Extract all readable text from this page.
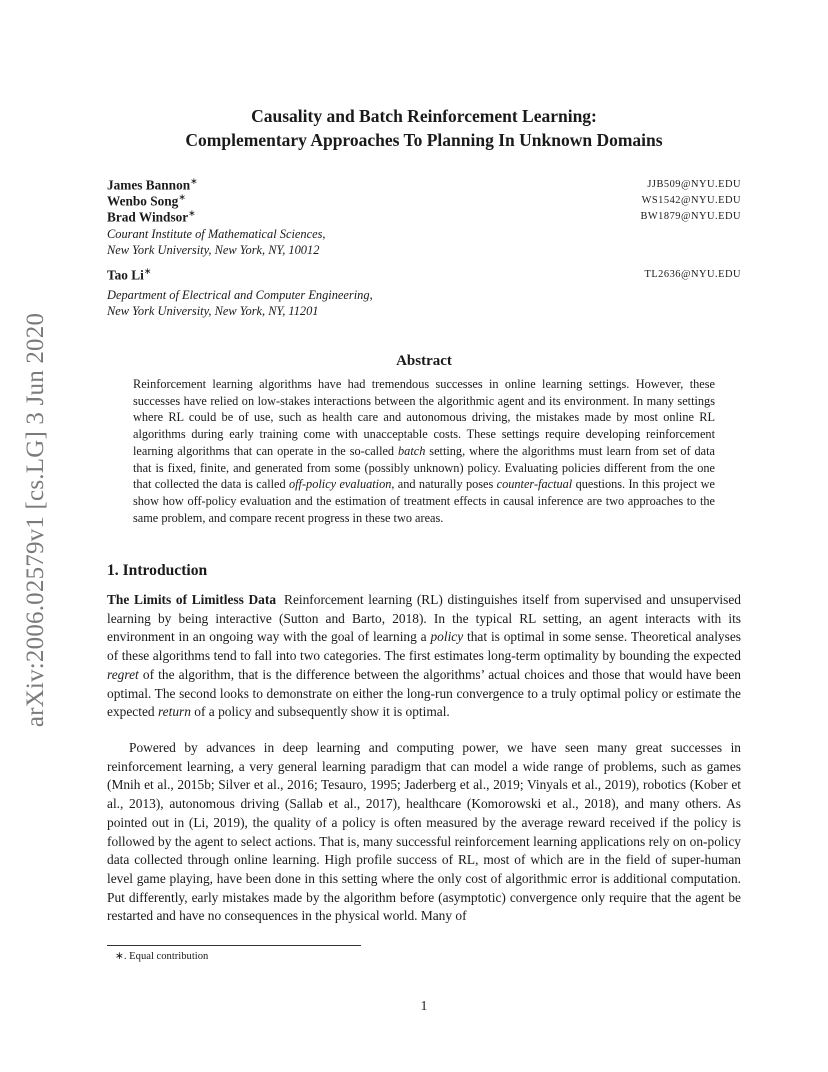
arXiv:2006.02579v1 [cs.LG] 3 Jun 2020
Causality and Batch Reinforcement Learning:
Complementary Approaches To Planning In Unknown Domains
James Bannon∗	JJB509@NYU.EDU
Wenbo Song∗	WS1542@NYU.EDU
Brad Windsor∗	BW1879@NYU.EDU
Courant Institute of Mathematical Sciences,
New York University, New York, NY, 10012
Tao Li∗	TL2636@NYU.EDU
Department of Electrical and Computer Engineering,
New York University, New York, NY, 11201
Abstract

Reinforcement learning algorithms have had tremendous successes in online learning settings. However, these successes have relied on low-stakes interactions between the algorithmic agent and its environment. In many settings where RL could be of use, such as health care and autonomous driving, the mistakes made by most online RL algorithms during early training come with unacceptable costs. These settings require developing reinforcement learning algorithms that can operate in the so-called batch setting, where the algorithms must learn from set of data that is fixed, finite, and generated from some (possibly unknown) policy. Evaluating policies different from the one that collected the data is called off-policy evaluation, and naturally poses counter-factual questions. In this project we show how off-policy evaluation and the estimation of treatment effects in causal inference are two approaches to the same problem, and compare recent progress in these two areas.

1. Introduction

The Limits of Limitless Data Reinforcement learning (RL) distinguishes itself from supervised and unsupervised learning by being interactive (Sutton and Barto, 2018). In the typical RL setting, an agent interacts with its environment in an ongoing way with the goal of learning a policy that is optimal in some sense. Theoretical analyses of these algorithms tend to fall into two categories. The first estimates long-term optimality by bounding the expected regret of the algorithm, that is the difference between the algorithms’ actual choices and those that would have been optimal. The second looks to demonstrate on either the long-run convergence to a truly optimal policy or estimate the expected return of a policy and subsequently show it is optimal.

Powered by advances in deep learning and computing power, we have seen many great successes in reinforcement learning, a very general learning paradigm that can model a wide range of problems, such as games (Mnih et al., 2015b; Silver et al., 2016; Tesauro, 1995; Jaderberg et al., 2019; Vinyals et al., 2019), robotics (Kober et al., 2013), autonomous driving (Sallab et al., 2017), healthcare (Komorowski et al., 2018), and many others. As pointed out in (Li, 2019), the quality of a policy is often measured by the average reward received if the policy is followed by the agent to select actions. That is, many successful reinforcement learning applications rely on on-policy data collected through online learning. High profile success of RL, most of which are in the field of super-human level game playing, have been done in this setting where the only cost of algorithmic error is additional computation. Put differently, early mistakes made by the algorithm before (asymptotic) convergence only require that the agent be restarted and have no consequences in the physical world. Many of

∗. Equal contribution
1
